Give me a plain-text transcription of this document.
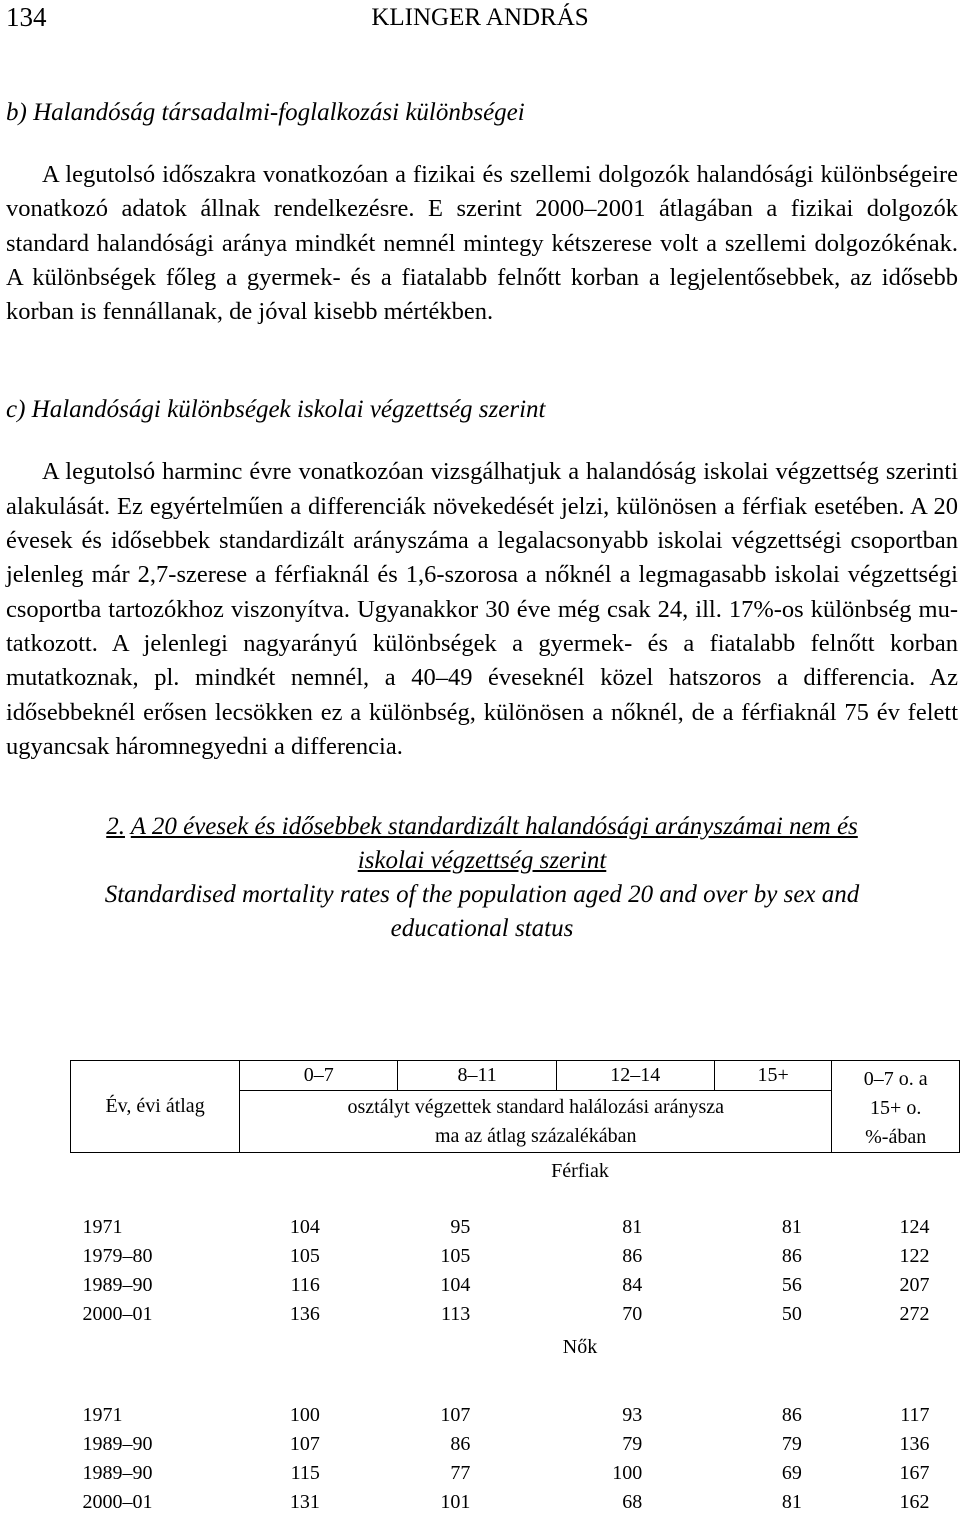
134	KLINGER ANDRÁS

b) Halandóság társadalmi-foglalkozási különbségei

A legutolsó időszakra vonatkozóan a fizikai és szellemi dolgozók halandósági különbségeire vonatkozó adatok állnak rendelkezésre. E szerint 2000–2001 átlagában a fizikai dolgozók standard halandósági aránya mindkét nemnél mintegy kétszerese volt a szellemi dolgozókénak. A különbségek főleg a gyermek- és a fiatalabb felnőtt korban a legjelentősebbek, az idősebb korban is fennállanak, de jóval kisebb mértékben.

c) Halandósági különbségek iskolai végzettség szerint

A legutolsó harminc évre vonatkozóan vizsgálhatjuk a halandóság iskolai végzettség szerinti alakulását. Ez egyértelműen a differenciák növekedését jelzi, különösen a férfiak esetében. A 20 évesek és idősebbek standardizált arányszáma a legalacsonyabb iskolai végzettségi csoportban jelenleg már 2,7-szerese a férfiaknál és 1,6-szorosa a nőknél a legmagasabb iskolai végzettségi csoportba tartozókhoz viszonyítva. Ugyanakkor 30 éve még csak 24, ill. 17%-os különbség mutatkozott. A jelenlegi nagyarányú különbségek a gyermek- és a fiatalabb felnőtt korban mutatkoznak, pl. mindkét nemnél, a 40–49 éveseknél közel hatszoros a differencia. Az idősebbeknél erősen lecsökken ez a különbség, különösen a nőknél, de a férfiaknál 75 év felett ugyancsak háromnegyedni a differencia.

2. A 20 évesek és idősebbek standardizált halandósági arányszámai nem és
iskolai végzettség szerint
Standardised mortality rates of the population aged 20 and over by sex and
educational status
Év, évi átlag	0–7	8–11	12–14	15+	0–7 o. a
15+ o.
%-ában

	osztályt végzettek standard halálozási aránysza
ma az átlag százalékában				

Férfiak					

1971	104	95	81	81	124
1979–80	105	105	86	86	122
1989–90	116	104	84	56	207
2000–01	136	113	70	50	272
Nők					

1971	100	107	93	86	117
1989–90	107	86	79	79	136
1989–90	115	77	100	69	167
2000–01	131	101	68	81	162
